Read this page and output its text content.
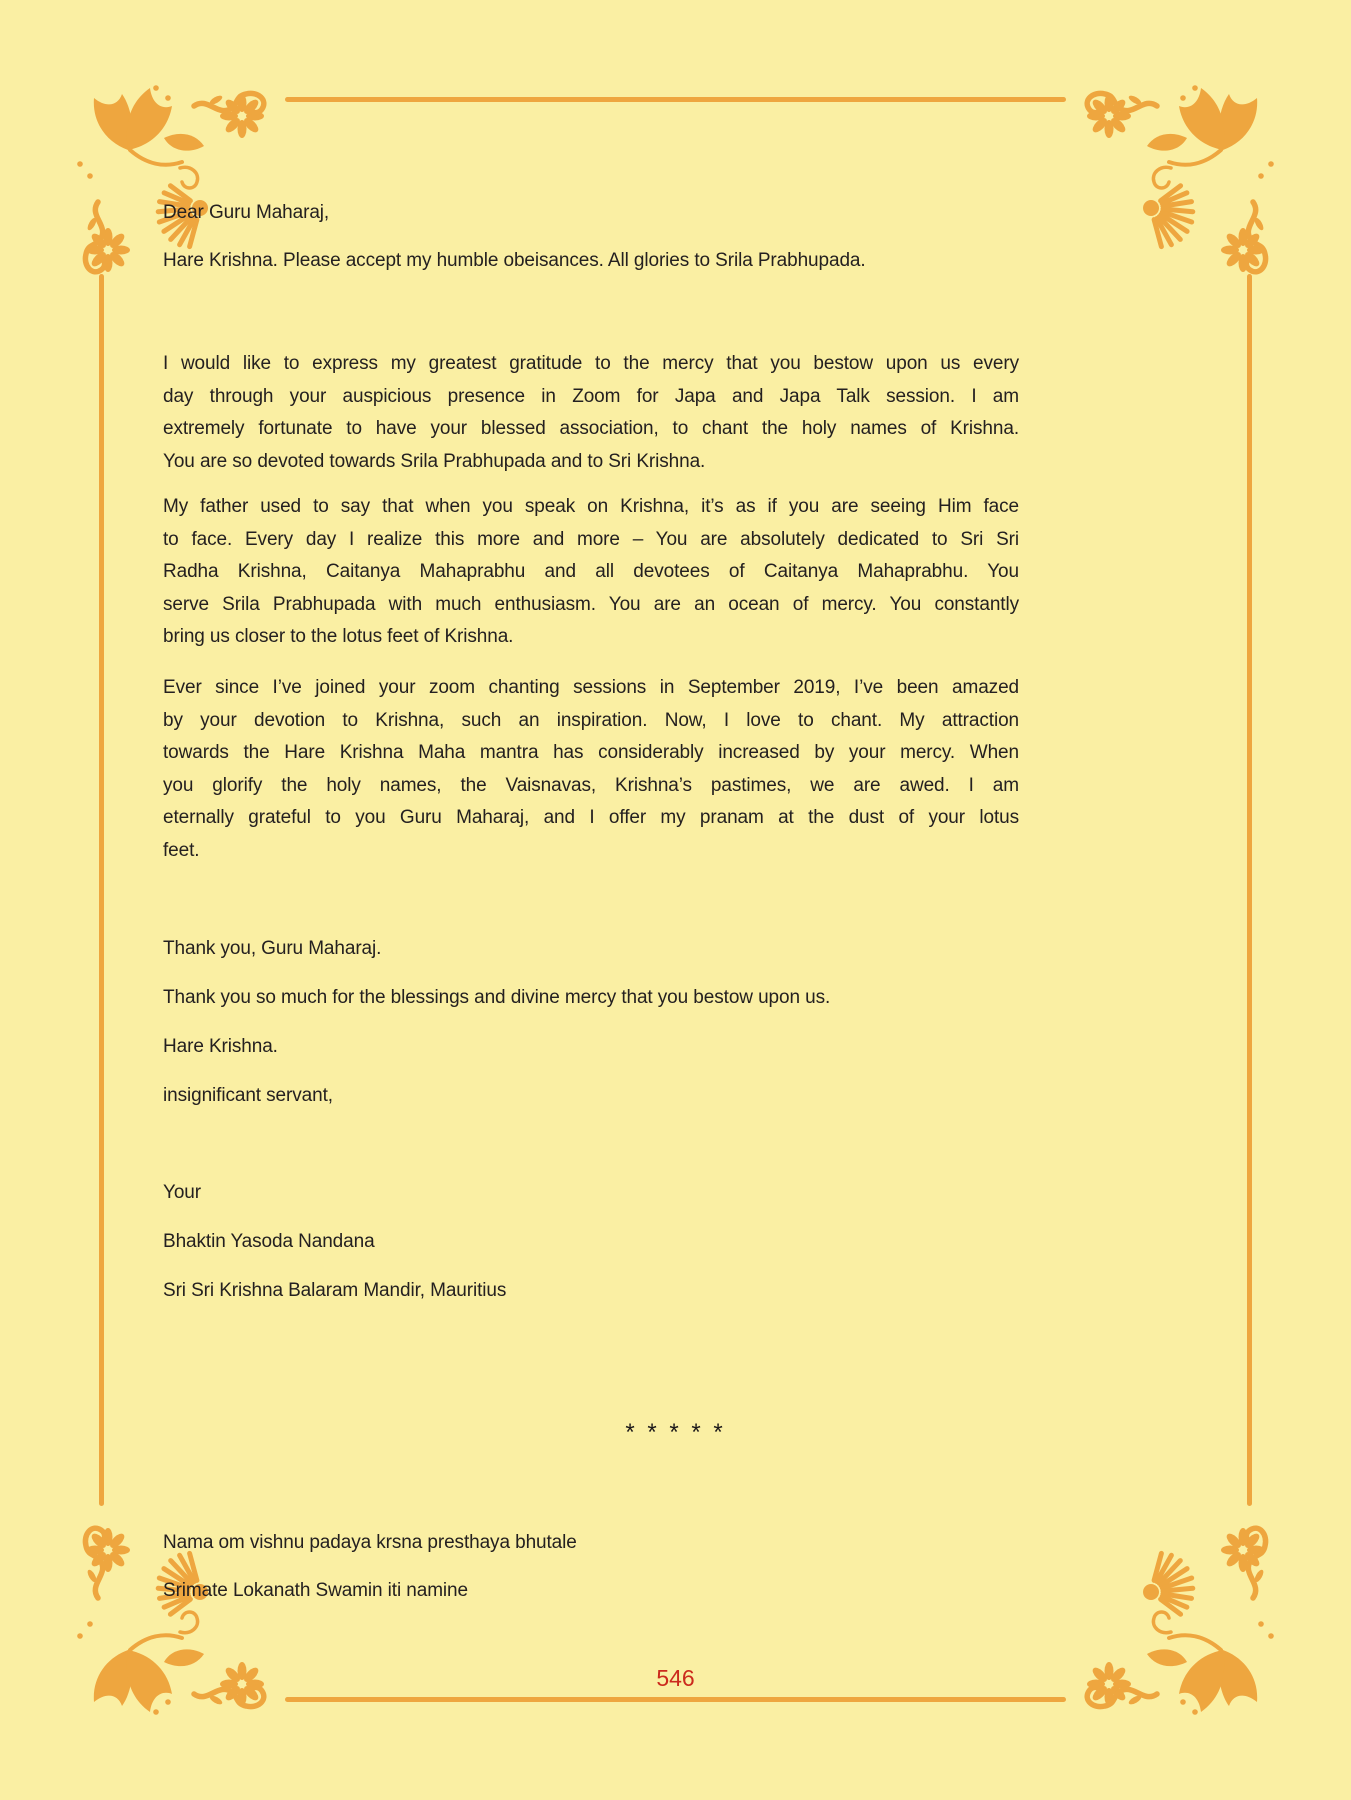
Dear Guru Maharaj,
Hare Krishna. Please accept my humble obeisances. All glories to Srila Prabhupada.
I would like to express my greatest gratitude to the mercy that you bestow upon us every
day through your auspicious presence in Zoom for Japa and Japa Talk session. I am
extremely fortunate to have your blessed association, to chant the holy names of Krishna.
You are so devoted towards Srila Prabhupada and to Sri Krishna.
My father used to say that when you speak on Krishna, it’s as if you are seeing Him face
to face. Every day I realize this more and more – You are absolutely dedicated to Sri Sri
Radha Krishna, Caitanya Mahaprabhu and all devotees of Caitanya Mahaprabhu. You
serve Srila Prabhupada with much enthusiasm. You are an ocean of mercy. You constantly
bring us closer to the lotus feet of Krishna.
Ever since I’ve joined your zoom chanting sessions in September 2019, I’ve been amazed
by your devotion to Krishna, such an inspiration. Now, I love to chant. My attraction
towards the Hare Krishna Maha mantra has considerably increased by your mercy. When
you glorify the holy names, the Vaisnavas, Krishna’s pastimes, we are awed. I am
eternally grateful to you Guru Maharaj, and I offer my pranam at the dust of your lotus
feet.
Thank you, Guru Maharaj.
Thank you so much for the blessings and divine mercy that you bestow upon us.
Hare Krishna.
insignificant servant,
Your
Bhaktin Yasoda Nandana
Sri Sri Krishna Balaram Mandir, Mauritius
* * * * *
Nama om vishnu padaya krsna presthaya bhutale
Srimate Lokanath Swamin iti namine
546
